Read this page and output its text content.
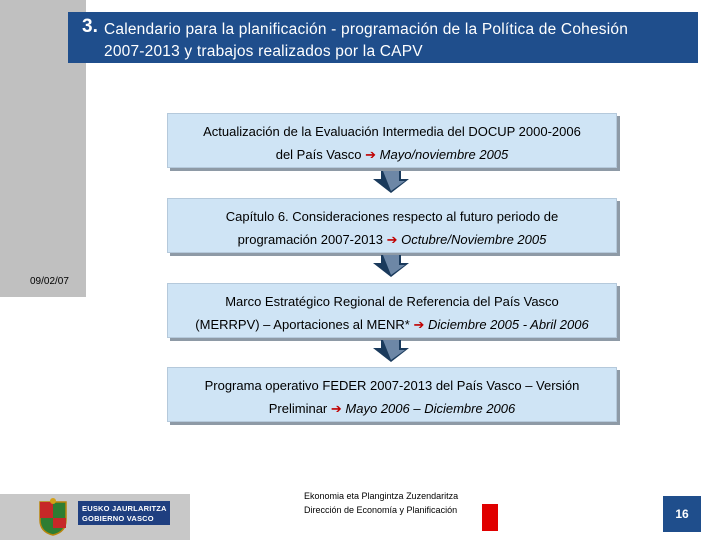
3. Calendario para la planificación - programación de la Política de Cohesión
2007-2013 y trabajos realizados por la CAPV
09/02/07
Actualización de la Evaluación Intermedia del DOCUP 2000-2006
del País Vasco ➔ Mayo/noviembre 2005
Capítulo 6. Consideraciones respecto al futuro periodo de
programación 2007-2013 ➔ Octubre/Noviembre 2005
Marco Estratégico Regional de Referencia del País Vasco
(MERRPV) – Aportaciones al MENR* ➔ Diciembre 2005 - Abril 2006
Programa operativo FEDER 2007-2013 del País Vasco – Versión
Preliminar ➔ Mayo 2006 – Diciembre 2006
EUSKO JAURLARITZA
GOBIERNO VASCO
Ekonomia eta Plangintza Zuzendaritza
Dirección de Economía y Planificación	16
